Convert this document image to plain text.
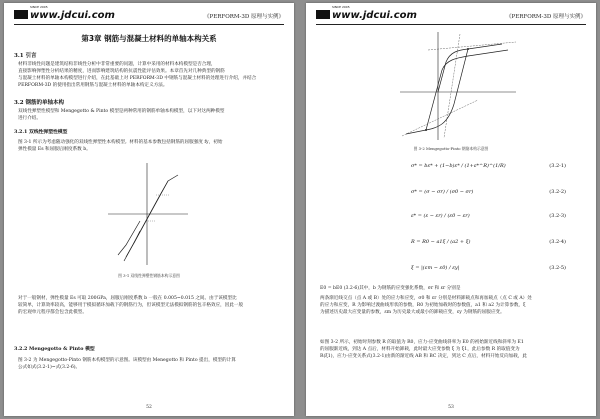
www.jdcui.com
SINCE 2005
《PERFORM-3D 原理与实例》
第3章 钢筋与混凝土材料的单轴本构关系
3.1 引言
材料非线性问题是建筑结构非线性分析中非常重要的问题，计算中采用的材料本构模型是否合理，
直接影响弹塑性分析结果的精度，进而影响建筑结构的抗震性能评估效果。本章首先对几种典型的钢筋
与混凝土材料的单轴本构模型进行介绍，在此基础上对 PERFORM-3D 中钢筋与混凝土材料的处理进行介绍，并结合
PERFORM-3D 的使用指出常用钢筋与混凝土材料的单轴本构定义方法。
3.2 钢筋的单轴本构
双线性弹塑性模型和 Mengegotto & Pinto 模型是两种常用的钢筋单轴本构模型，以下对这两种模型
进行介绍。
3.2.1 双线性弹塑性模型
图 3-1 所示为考虑随动强化的双线性弹塑性本构模型。材料的基本参数包括钢筋的屈服强度 fy，初始
弹性模量 Es 和屈服后刚度系数 b。
图 3-1 双线性弹塑性钢筋本构示意图
对于一般钢材，弹性模量 Es 可取 200GPa，屈服后刚度系数 b 一般在 0.005~0.015 之间。由于该模型比
较简单，计算效率较高，能够用于模拟循环加载下的钢筋行为，但该模型无法模拟钢筋的包辛格效应，因此一般
的宏观单元程序都会包含此模型。
3.2.2 Mengegotto & Pinto 模型
图 3-2 为 Mengegotto-Pinto 钢筋本构模型的示意图。该模型由 Menegotto 和 Pinto 提出，模型的计算
公式如式(3.2-1)~式(3.2-6)。
52
www.jdcui.com
SINCE 2005
《PERFORM-3D 原理与实例》
图 3-2 Mengegotto-Pinto 钢筋本构示意图
σ* = bε* + (1−b)ε* / (1+ε*^R)^(1/R)	(3.2-1)
σ* = (σ − σr) / (σ0 − σr)	(3.2-2)
ε* = (ε − εr) / (ε0 − εr)	(3.2-3)
R = R0 − a1ξ / (a2 + ξ)	(3.2-4)
ξ = |(εm − ε0) / εy|	(3.2-5)
E0 = bE0 (3.2-6)其中，b 为钢筋的应变强化系数，σr 和 εr 分别是
两条渐近线交点（点 A 或 B）处的应力和应变，σ0 和 εr 分别是材料卸载点和再加载点（点 C 或 A）处
的应力和应变，R 为影响过渡曲线形状的参数，R0 为初始加载时的参数值，a1 和 a2 为计算参数，ξ
为描述历史最大应变量的参数，εm 为历史最大或最小的卸载应变，εy 为钢筋的屈服应变。
如图 3-2 所示，初始时刻参数 R 的取值为 R0，应力-应变曲线斜率为 E0 的初始渐近线和斜率为 E1
的屈服渐近线，到达 A 点后，材料开始卸载，此时最大应变参数 ξ 为 ξ1，此后参数 R 的取值变为
R(ξ1)，应力-应变关系式(3.2-1)由新的渐近线 AB 和 BC 决定，到达 C 点后，材料开始反向加载，此
53
